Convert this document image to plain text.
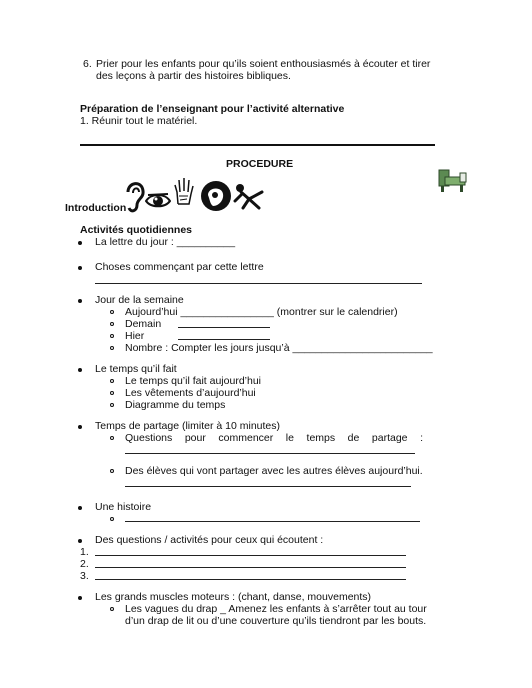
6. Prier pour les enfants pour qu’ils soient enthousiasmés à écouter et tirer
des leçons à partir des histoires bibliques.
Préparation de l’enseignant pour l’activité alternative
1. Réunir tout le matériel.
PROCEDURE
Introduction
Activités quotidiennes
La lettre du jour : __________
Choses commençant par cette lettre
Jour de la semaine
Aujourd’hui ________________ (montrer sur le calendrier)
Demain
Hier
Nombre : Compter les jours jusqu’à ________________________
Le temps qu’il fait
Le temps qu’il fait aujourd’hui
Les vêtements d’aujourd’hui
Diagramme du temps
Temps de partage (limiter à 10 minutes)
Questions pour commencer le temps de partage :
Des élèves qui vont partager avec les autres élèves aujourd’hui.
Une histoire
Des questions / activités pour ceux qui écoutent :
1.
2.
3.
Les grands muscles moteurs : (chant, danse, mouvements)
Les vagues du drap _ Amenez les enfants à s’arrêter tout au tour
d’un drap de lit ou d’une couverture qu’ils tiendront par les bouts.
